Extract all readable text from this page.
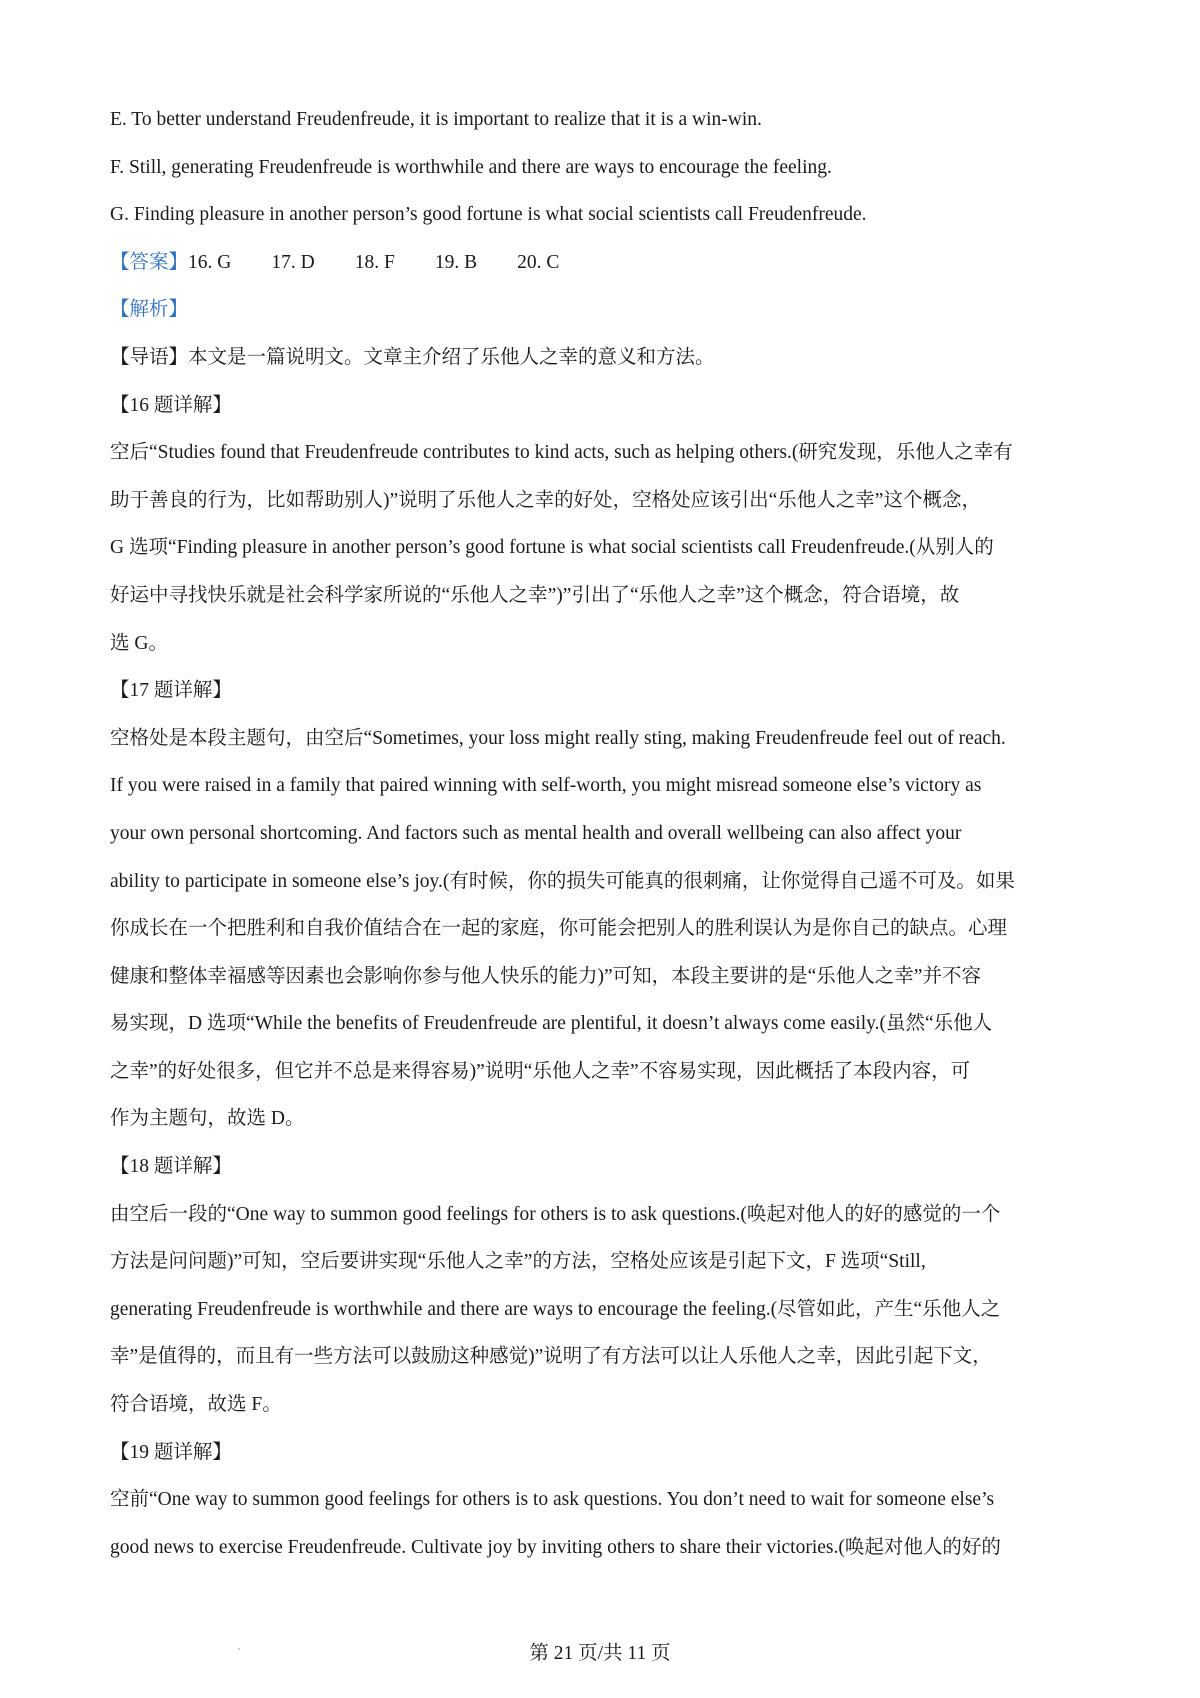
E. To better understand Freudenfreude, it is important to realize that it is a win-win.
F. Still, generating Freudenfreude is worthwhile and there are ways to encourage the feeling.
G. Finding pleasure in another person’s good fortune is what social scientists call Freudenfreude.
【答案】16. G 17. D 18. F 19. B 20. C
【解析】
【导语】本文是一篇说明文。文章主介绍了乐他人之幸的意义和方法。
【16 题详解】
空后“Studies found that Freudenfreude contributes to kind acts, such as helping others.(研究发现，乐他人之幸有
助于善良的行为，比如帮助别人)”说明了乐他人之幸的好处，空格处应该引出“乐他人之幸”这个概念，
G 选项“Finding pleasure in another person’s good fortune is what social scientists call Freudenfreude.(从别人的
好运中寻找快乐就是社会科学家所说的“乐他人之幸”)”引出了“乐他人之幸”这个概念，符合语境，故
选 G。
【17 题详解】
空格处是本段主题句，由空后“Sometimes, your loss might really sting, making Freudenfreude feel out of reach.
If you were raised in a family that paired winning with self-worth, you might misread someone else’s victory as
your own personal shortcoming. And factors such as mental health and overall wellbeing can also affect your
ability to participate in someone else’s joy.(有时候，你的损失可能真的很刺痛，让你觉得自己遥不可及。如果
你成长在一个把胜利和自我价值结合在一起的家庭，你可能会把别人的胜利误认为是你自己的缺点。心理
健康和整体幸福感等因素也会影响你参与他人快乐的能力)”可知，本段主要讲的是“乐他人之幸”并不容
易实现，D 选项“While the benefits of Freudenfreude are plentiful, it doesn’t always come easily.(虽然“乐他人
之幸”的好处很多，但它并不总是来得容易)”说明“乐他人之幸”不容易实现，因此概括了本段内容，可
作为主题句，故选 D。
【18 题详解】
由空后一段的“One way to summon good feelings for others is to ask questions.(唤起对他人的好的感觉的一个
方法是问问题)”可知，空后要讲实现“乐他人之幸”的方法，空格处应该是引起下文，F 选项“Still,
generating Freudenfreude is worthwhile and there are ways to encourage the feeling.(尽管如此，产生“乐他人之
幸”是值得的，而且有一些方法可以鼓励这种感觉)”说明了有方法可以让人乐他人之幸，因此引起下文，
符合语境，故选 F。
【19 题详解】
空前“One way to summon good feelings for others is to ask questions. You don’t need to wait for someone else’s
good news to exercise Freudenfreude. Cultivate joy by inviting others to share their victories.(唤起对他人的好的
第 21 页/共 11 页
